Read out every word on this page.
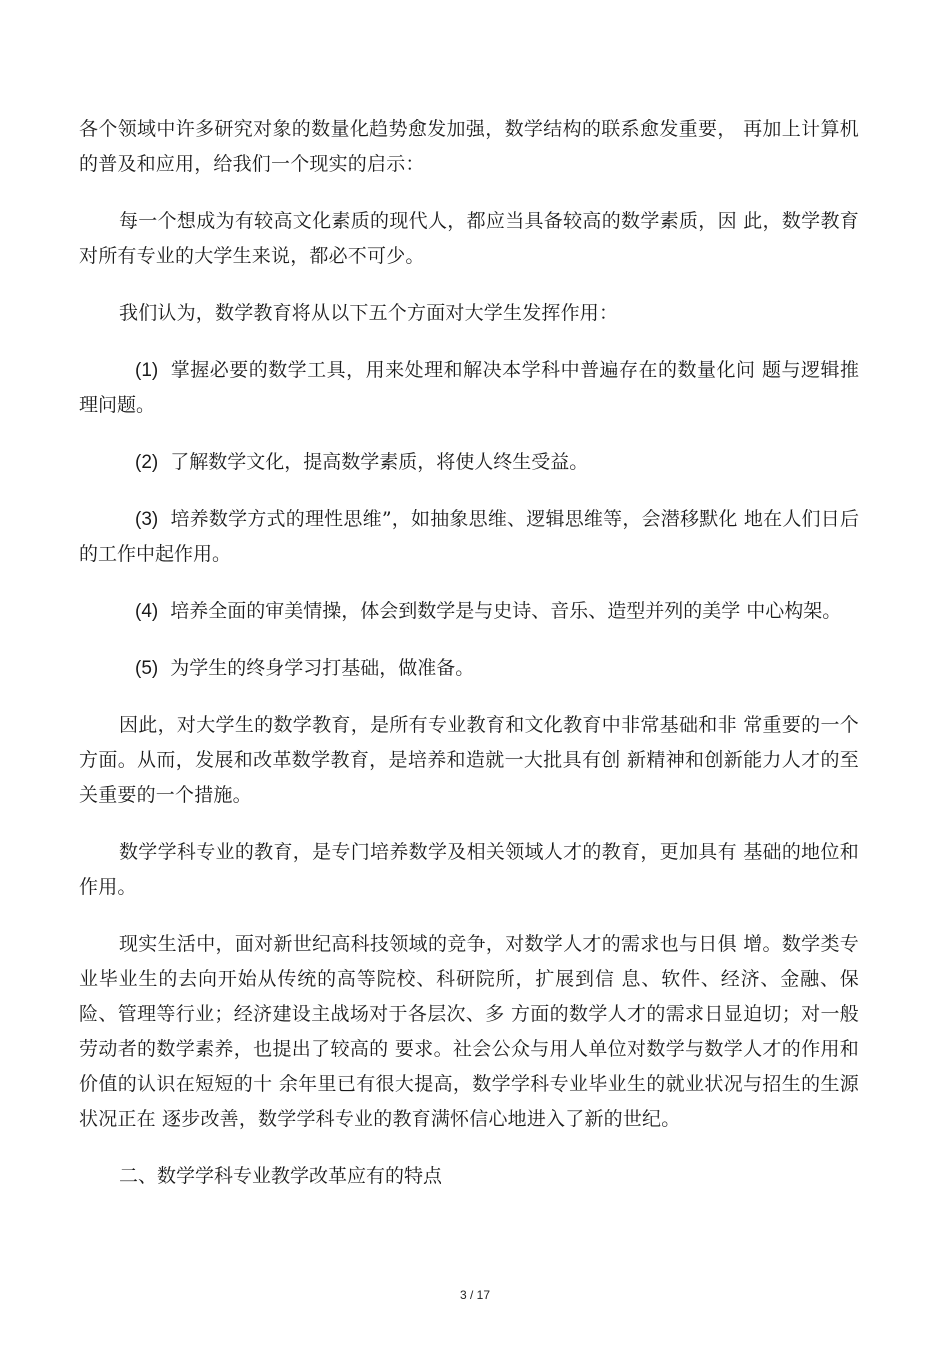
各个领域中许多研究对象的数量化趋势愈发加强，数学结构的联系愈发重要， 再加上计算机的普及和应用，给我们一个现实的启示：

每一个想成为有较高文化素质的现代人，都应当具备较高的数学素质，因 此，数学教育对所有专业的大学生来说，都必不可少。

我们认为，数学教育将从以下五个方面对大学生发挥作用：

(1) 掌握必要的数学工具，用来处理和解决本学科中普遍存在的数量化问 题与逻辑推理问题。

(2) 了解数学文化，提高数学素质，将使人终生受益。

(3) 培养数学方式的理性思维”，如抽象思维、逻辑思维等，会潜移默化 地在人们日后的工作中起作用。

(4) 培养全面的审美情操，体会到数学是与史诗、音乐、造型并列的美学 中心构架。

(5) 为学生的终身学习打基础，做准备。

因此，对大学生的数学教育，是所有专业教育和文化教育中非常基础和非 常重要的一个方面。从而，发展和改革数学教育，是培养和造就一大批具有创 新精神和创新能力人才的至关重要的一个措施。

数学学科专业的教育，是专门培养数学及相关领域人才的教育，更加具有 基础的地位和作用。

现实生活中，面对新世纪高科技领域的竞争，对数学人才的需求也与日俱 增。数学类专业毕业生的去向开始从传统的高等院校、科研院所，扩展到信 息、软件、经济、金融、保险、管理等行业；经济建设主战场对于各层次、多 方面的数学人才的需求日显迫切；对一般劳动者的数学素养，也提出了较高的 要求。社会公众与用人单位对数学与数学人才的作用和价值的认识在短短的十 余年里已有很大提高，数学学科专业毕业生的就业状况与招生的生源状况正在 逐步改善，数学学科专业的教育满怀信心地进入了新的世纪。

二、数学学科专业教学改革应有的特点

3 / 17
